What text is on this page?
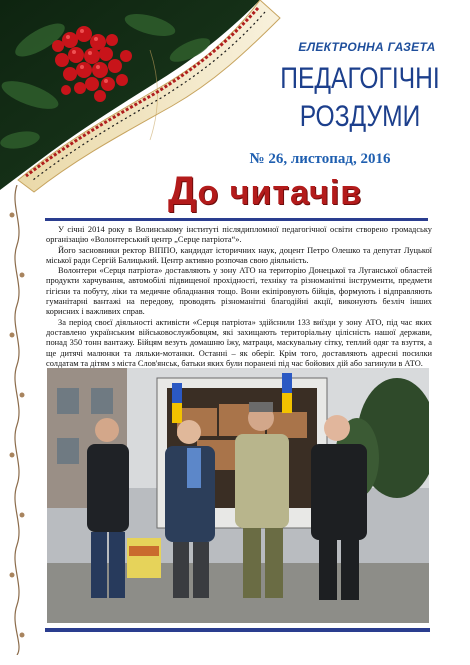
ЕЛЕКТРОННА ГАЗЕТА
ПЕДАГОГІЧНІ
РОЗДУМИ
№ 26, листопад, 2016
До читачів

У січні 2014 року в Волинському інституті післядипломної педагогічної освіти створено громадську організацію «Волонтерський центр „Серце патріота“».

Його засновники ректор ВІППО, кандидат історичних наук, доцент Петро Олешко та депутат Луцької міської ради Сергій Балицький. Центр активно розпочав свою діяльність.

Волонтери «Серця патріота» доставляють у зону АТО на територію Донецької та Луганської областей продукти харчування, автомобілі підвищеної прохідності, техніку та різноманітні інструменти, предмети гігієни та побуту, ліки та медичне обладнання тощо. Вони екіпіровують бійців, формують і відправляють гуманітарні вантажі на передову, проводять різноманітні благодійні акції, виконують безліч інших корисних і важливих справ.

За період своєї діяльності активісти «Серця патріота» здійснили 133 виїзди у зону АТО, під час яких доставлено українським військовослужбовцям, які захищають територіальну цілісність нашої держави, понад 350 тонн вантажу. Бійцям везуть домашню їжу, матраци, маскувальну сітку, теплий одяг та взуття, а ще дитячі малюнки та ляльки-мотанки. Останні – як оберіг. Крім того, доставляють адресні посилки солдатам та дітям з міста Слов'янськ, батьки яких були поранені під час бойових дій або загинули в АТО.
